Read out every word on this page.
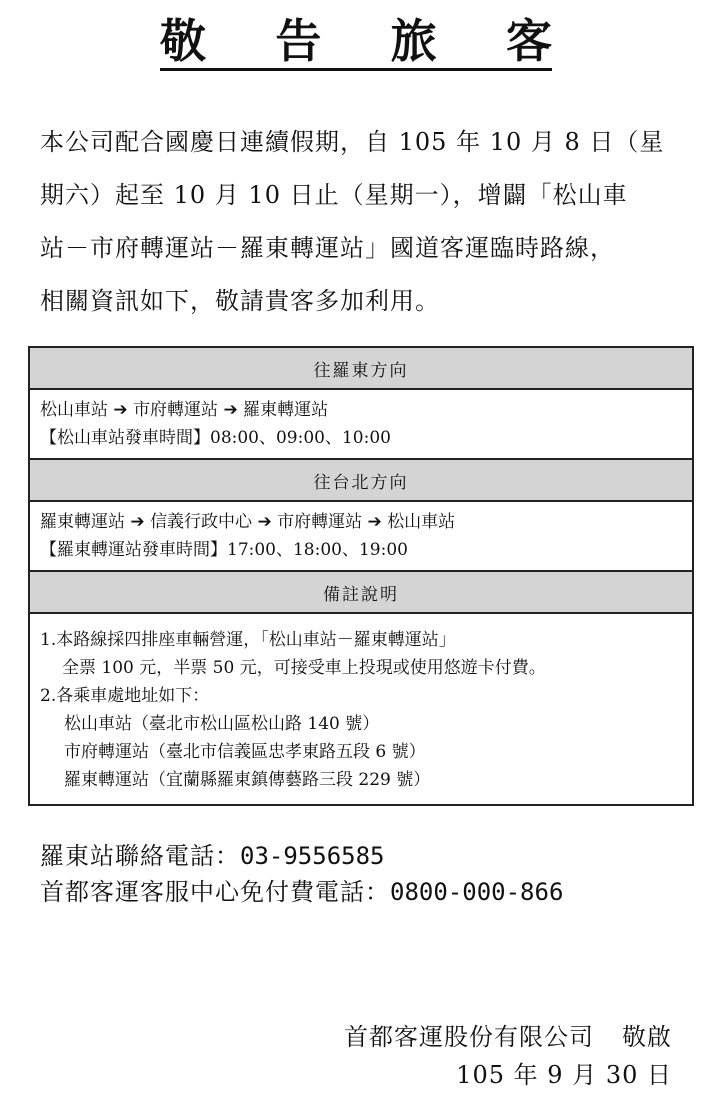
敬 告 旅 客
本公司配合國慶日連續假期，自 105 年 10 月 8 日（星
期六）起至 10 月 10 日止（星期一），增闢「松山車
站－市府轉運站－羅東轉運站」國道客運臨時路線，
相關資訊如下，敬請貴客多加利用。
往羅東方向

松山車站 ➔ 市府轉運站 ➔ 羅東轉運站
【松山車站發車時間】08:00、09:00、10:00

往台北方向

羅東轉運站 ➔ 信義行政中心 ➔ 市府轉運站 ➔ 松山車站
【羅東轉運站發車時間】17:00、18:00、19:00

備註說明

1.本路線採四排座車輛營運，「松山車站－羅東轉運站」
全票 100 元，半票 50 元，可接受車上投現或使用悠遊卡付費。
2.各乘車處地址如下：
松山車站（臺北市松山區松山路 140 號）
市府轉運站（臺北市信義區忠孝東路五段 6 號）
羅東轉運站（宜蘭縣羅東鎮傳藝路三段 229 號）
羅東站聯絡電話：03-9556585
首都客運客服中心免付費電話：0800-000-866
首都客運股份有限公司 敬啟
105 年 9 月 30 日
